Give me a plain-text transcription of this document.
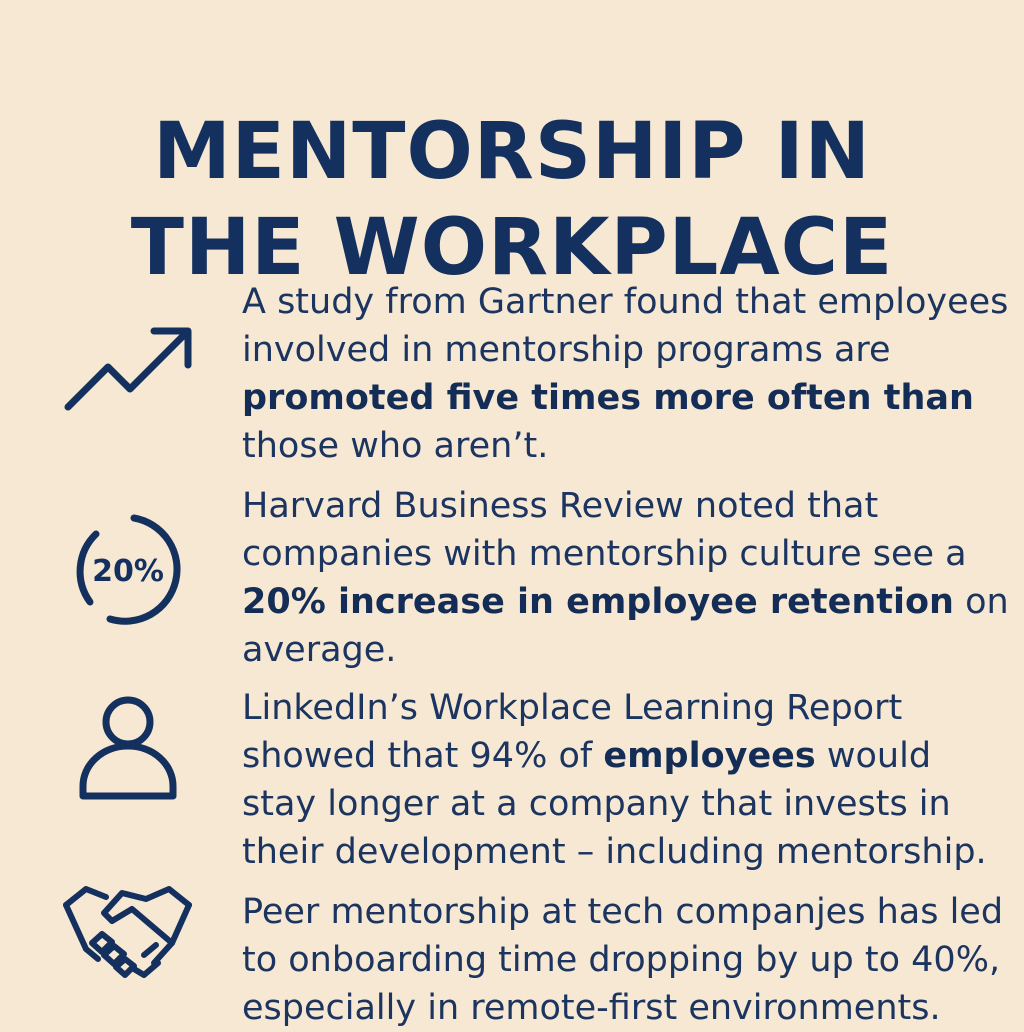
MENTORSHIP IN
THE WORKPLACE
A study from Gartner found that employees involved in mentorship programs are promoted five times more often than those who aren’t.
20%
Harvard Business Review noted that companies with mentorship culture see a 20% increase in employee retention on average.
LinkedIn’s Workplace Learning Report showed that 94% of employees would stay longer at a company that invests in their development – including mentorship.
Peer mentorship at tech companjes has led to onboarding time dropping by up to 40%, especially in remote-first environments.
